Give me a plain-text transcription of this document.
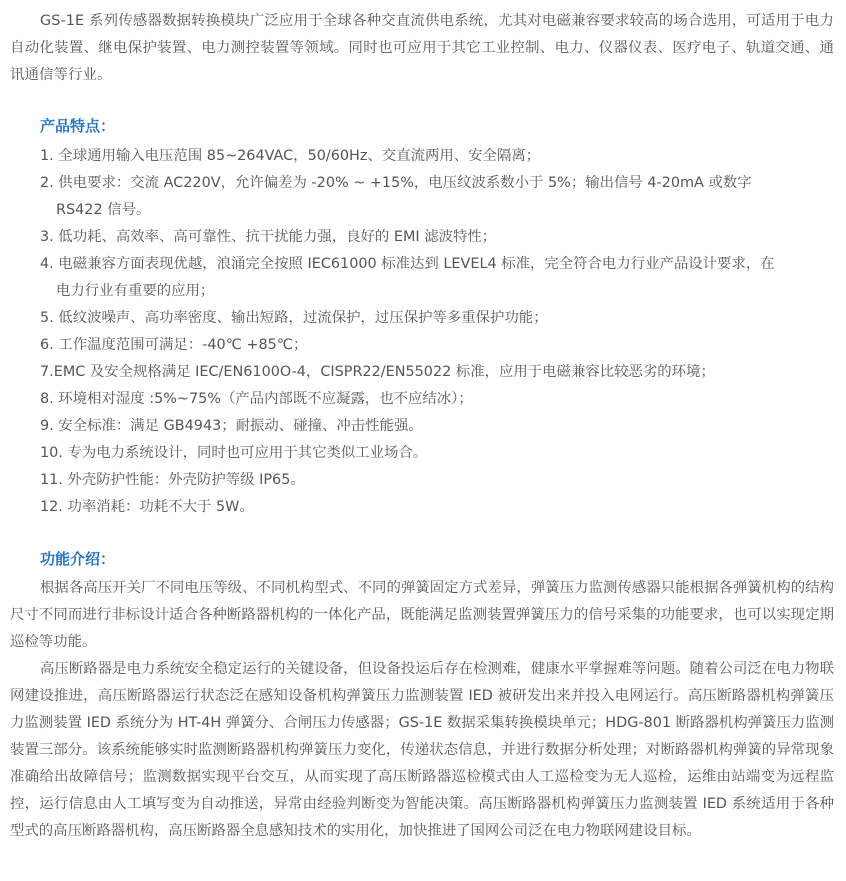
GS-1E 系列传感器数据转换模块广泛应用于全球各种交直流供电系统，尤其对电磁兼容要求较高的场合选用，可适用于电力自动化装置、继电保护装置、电力测控装置等领域。同时也可应用于其它工业控制、电力、仪器仪表、医疗电子、轨道交通、通讯通信等行业。

产品特点：
1. 全球通用输入电压范围 85~264VAC，50/60Hz、交直流两用、安全隔离；
2. 供电要求：交流 AC220V，允许偏差为 -20% ~ +15%，电压纹波系数小于 5%；输出信号 4-20mA 或数字
RS422 信号。
3. 低功耗、高效率、高可靠性、抗干扰能力强，良好的 EMI 滤波特性；
4. 电磁兼容方面表现优越，浪涌完全按照 IEC61000 标准达到 LEVEL4 标准，完全符合电力行业产品设计要求，在
电力行业有重要的应用；
5. 低纹波噪声、高功率密度、输出短路，过流保护，过压保护等多重保护功能；
6. 工作温度范围可满足：-40℃ +85℃；
7.EMC 及安全规格满足 IEC/EN6100O-4，CISPR22/EN55022 标准，应用于电磁兼容比较恶劣的环境；
8. 环境相对湿度 :5%~75%（产品内部既不应凝露，也不应结冰）；
9. 安全标准：满足 GB4943；耐振动、碰撞、冲击性能强。
10. 专为电力系统设计，同时也可应用于其它类似工业场合。
11. 外壳防护性能：外壳防护等级 IP65。
12. 功率消耗：功耗不大于 5W。
功能介绍：

根据各高压开关厂不同电压等级、不同机构型式、不同的弹簧固定方式差异，弹簧压力监测传感器只能根据各弹簧机构的结构尺寸不同而进行非标设计适合各种断路器机构的一体化产品，既能满足监测装置弹簧压力的信号采集的功能要求，也可以实现定期巡检等功能。

高压断路器是电力系统安全稳定运行的关键设备，但设备投运后存在检测难，健康水平掌握难等问题。随着公司泛在电力物联网建设推进，高压断路器运行状态泛在感知设备机构弹簧压力监测装置 IED 被研发出来并投入电网运行。高压断路器机构弹簧压力监测装置 IED 系统分为 HT-4H 弹簧分、合闸压力传感器；GS-1E 数据采集转换模块单元；HDG-801 断路器机构弹簧压力监测装置三部分。该系统能够实时监测断路器机构弹簧压力变化，传递状态信息，并进行数据分析处理；对断路器机构弹簧的异常现象准确给出故障信号；监测数据实现平台交互，从而实现了高压断路器巡检模式由人工巡检变为无人巡检，运维由站端变为远程监控，运行信息由人工填写变为自动推送，异常由经验判断变为智能决策。高压断路器机构弹簧压力监测装置 IED 系统适用于各种型式的高压断路器机构，高压断路器全息感知技术的实用化，加快推进了国网公司泛在电力物联网建设目标。
